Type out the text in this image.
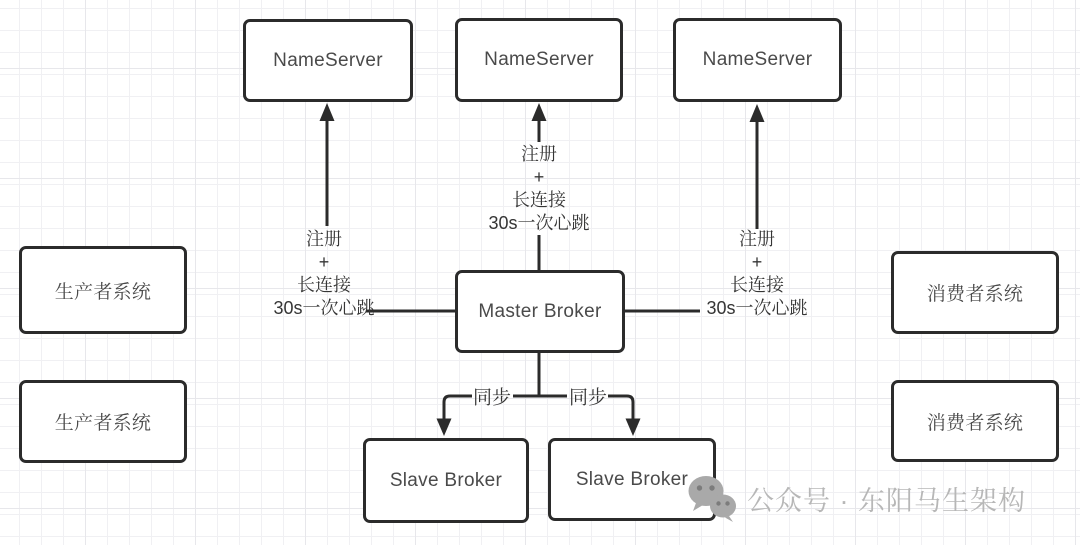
NameServer	NameServer	NameServer
Master Broker
Slave Broker	Slave Broker
生产者系统
生产者系统
消费者系统
消费者系统
注册
+
长连接
30s一次心跳
注册
+
长连接
30s一次心跳
注册
+
长连接
30s一次心跳
同步	同步
公众号 · 东阳马生架构
